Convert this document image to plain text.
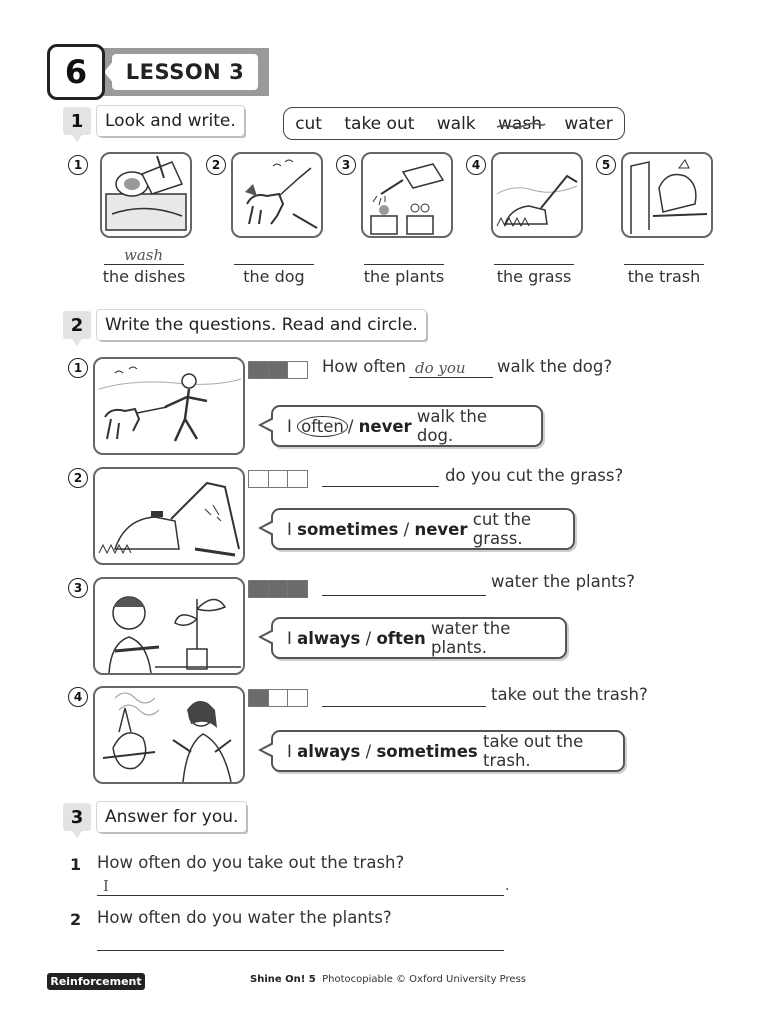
LESSON 3
6
1	Look and write.	cut take out walk wash water
1
wash
the dishes
2
the dog
3
the plants
4
the grass
5
the trash
2	Write the questions. Read and circle.
1	How often do you walk the dog?
I
often /
never
walk the dog.
2	do you cut the grass?
I
sometimes
/
never
cut the grass.
3	water the plants?
I
always
/
often
water the plants.
4	take out the trash?
I
always
/
sometimes
take out the trash.
3	Answer for you.
1 How often do you take out the trash?
I	.
2 How often do you water the plants?
Reinforcement	Shine On! 5 Photocopiable © Oxford University Press
